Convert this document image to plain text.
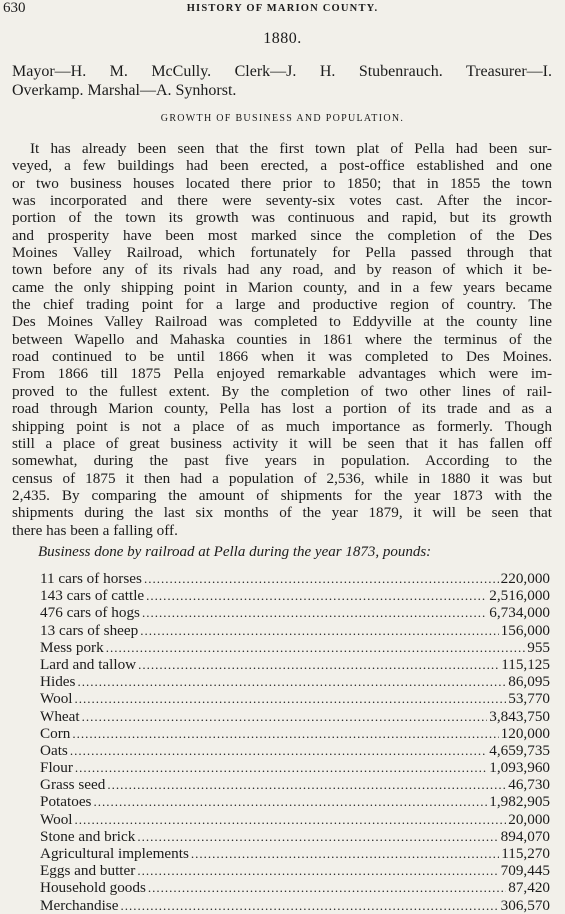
630	HISTORY OF MARION COUNTY.
1880.
Mayor—H. M. McCully. Clerk—J. H. Stubenrauch. Treasurer—I.
Overkamp. Marshal—A. Synhorst.
GROWTH OF BUSINESS AND POPULATION.
It has already been seen that the first town plat of Pella had been sur-
veyed, a few buildings had been erected, a post-office established and one
or two business houses located there prior to 1850; that in 1855 the town
was incorporated and there were seventy-six votes cast. After the incor-
portion of the town its growth was continuous and rapid, but its growth
and prosperity have been most marked since the completion of the Des
Moines Valley Railroad, which fortunately for Pella passed through that
town before any of its rivals had any road, and by reason of which it be-
came the only shipping point in Marion county, and in a few years became
the chief trading point for a large and productive region of country. The
Des Moines Valley Railroad was completed to Eddyville at the county line
between Wapello and Mahaska counties in 1861 where the terminus of the
road continued to be until 1866 when it was completed to Des Moines.
From 1866 till 1875 Pella enjoyed remarkable advantages which were im-
proved to the fullest extent. By the completion of two other lines of rail-
road through Marion county, Pella has lost a portion of its trade and as a
shipping point is not a place of as much importance as formerly. Though
still a place of great business activity it will be seen that it has fallen off
somewhat, during the past five years in population. According to the
census of 1875 it then had a population of 2,536, while in 1880 it was but
2,435. By comparing the amount of shipments for the year 1873 with the
shipments during the last six months of the year 1879, it will be seen that
there has been a falling off.
Business done by railroad at Pella during the year 1873, pounds:
11 cars of horses .....	220,000
143 cars of cattle .....	2,516,000
476 cars of hogs .....	6,734,000
13 cars of sheep .....	156,000
Mess pork .....	955
Lard and tallow .....	115,125
Hides .....	86,095
Wool .....	53,770
Wheat .....	3,843,750
Corn .....	120,000
Oats .....	4,659,735
Flour .....	1,093,960
Grass seed .....	46,730
Potatoes .....	1,982,905
Wool .....	20,000
Stone and brick .....	894,070
Agricultural implements .....	115,270
Eggs and butter .....	709,445
Household goods .....	87,420
Merchandise .....	306,570
